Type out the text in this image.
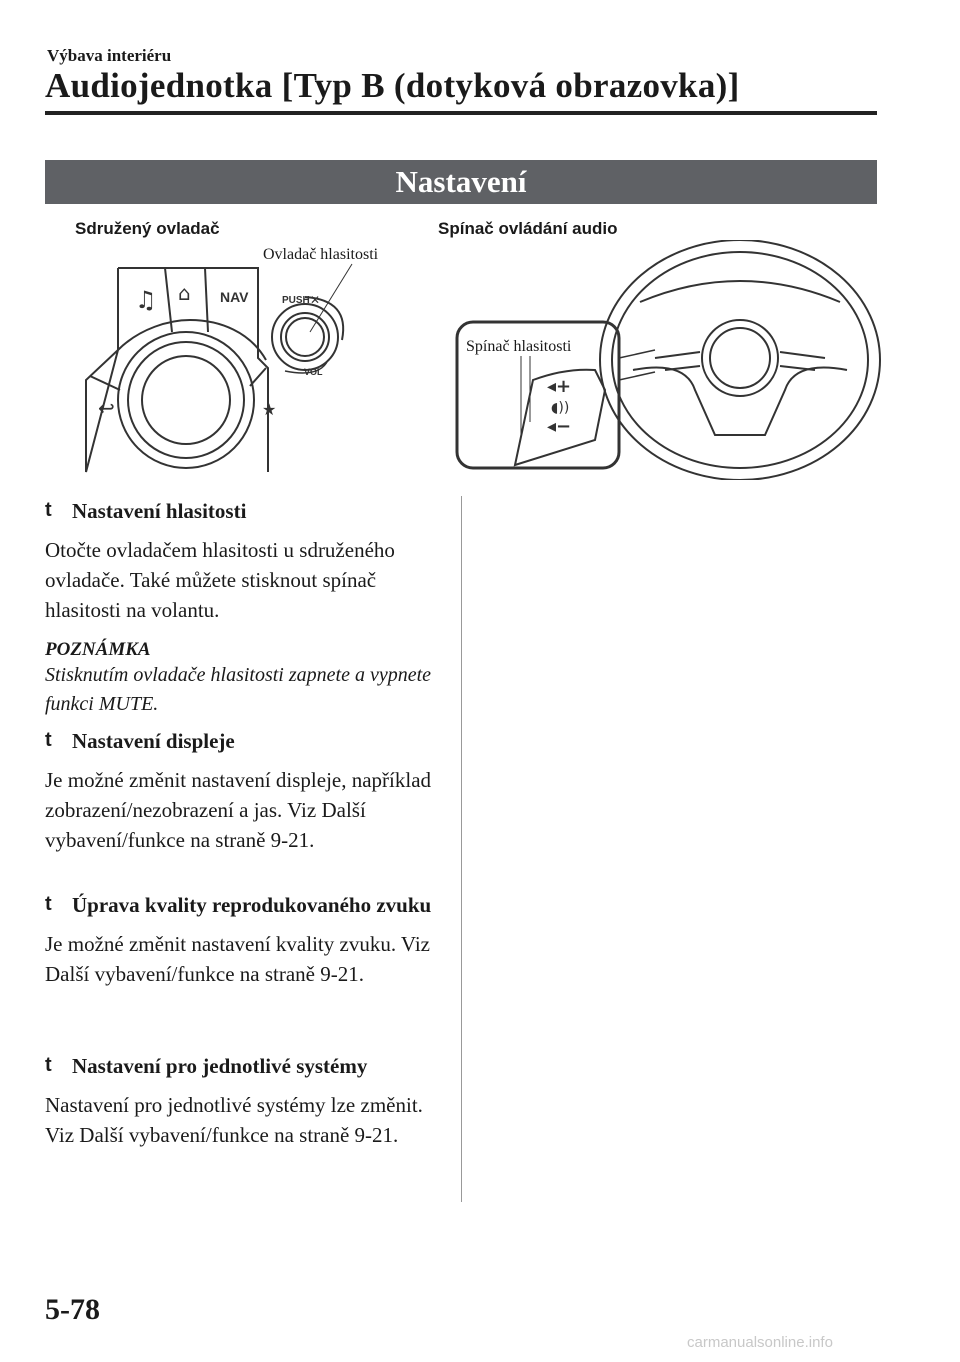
Výbava interiéru
Audiojednotka [Typ B (dotyková obrazovka)]
Nastavení
Sdružený ovladač
Ovladač hlasitosti
Spínač ovládání audio
Spínač hlasitosti
♫ ⌂ NAV
↩	★
PUSH ✕
VOL
◂+
◖))
◂−
t Nastavení hlasitosti
Otočte ovladačem hlasitosti u sdruženého ovladače. Také můžete stisknout spínač hlasitosti na volantu.
POZNÁMKA
Stisknutím ovladače hlasitosti zapnete a vypnete funkci MUTE.
t Nastavení displeje
Je možné změnit nastavení displeje, například zobrazení/nezobrazení a jas. Viz Další vybavení/funkce na straně 9-21.
t Úprava kvality reprodukovaného zvuku
Je možné změnit nastavení kvality zvuku. Viz Další vybavení/funkce na straně 9-21.
t Nastavení pro jednotlivé systémy
Nastavení pro jednotlivé systémy lze změnit. Viz Další vybavení/funkce na straně 9-21.
5-78
carmanualsonline.info
